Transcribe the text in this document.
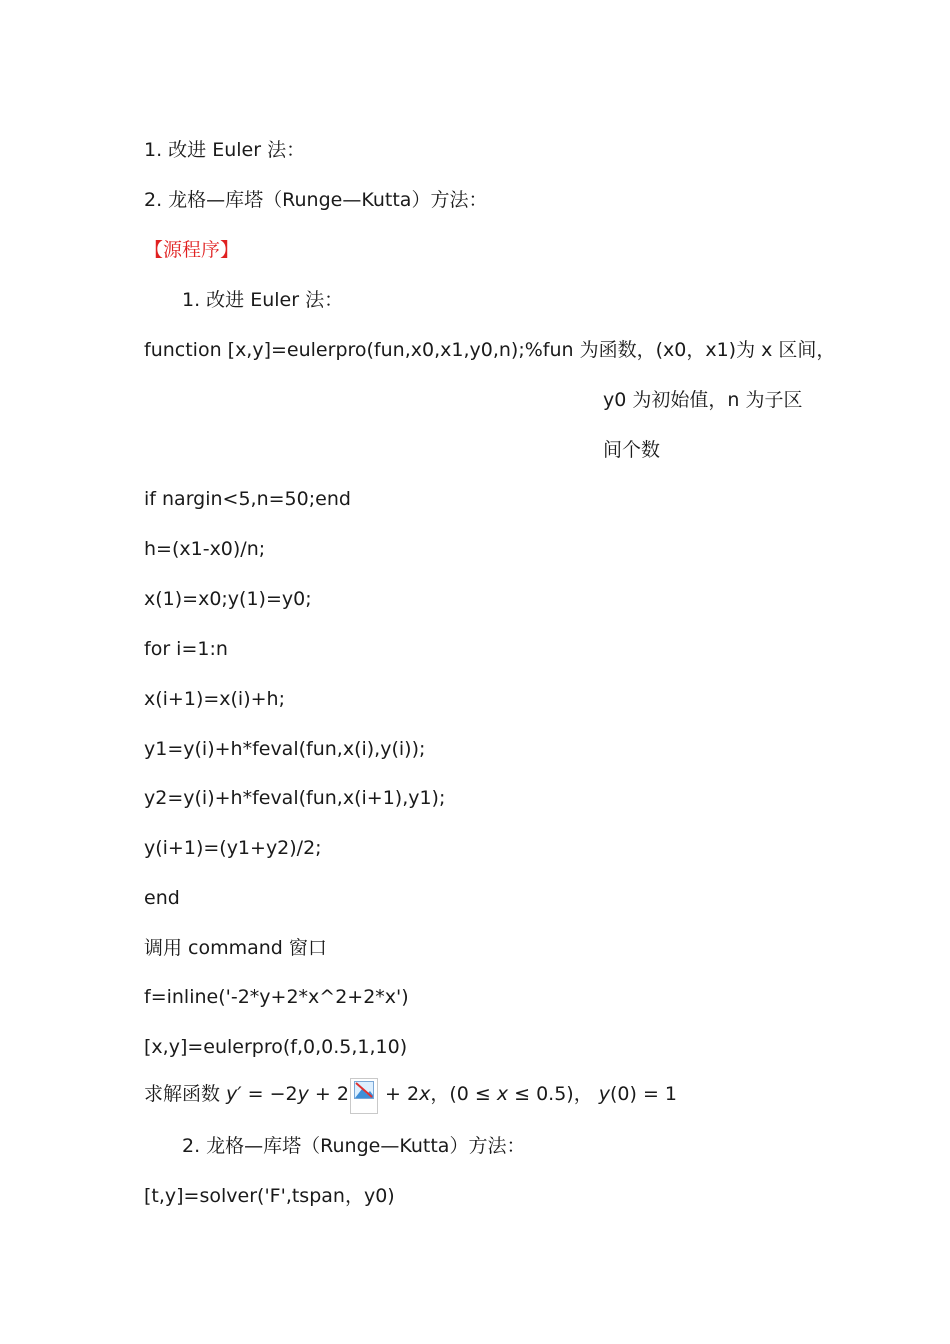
1. 改进 Euler 法：
2. 龙格—库塔（Runge—Kutta）方法：
【源程序】
1. 改进 Euler 法：
function [x,y]=eulerpro(fun,x0,x1,y0,n);%fun 为函数，(x0，x1)为 x 区间，
y0 为初始值，n 为子区
间个数
if nargin<5,n=50;end
h=(x1-x0)/n;
x(1)=x0;y(1)=y0;
for i=1:n
x(i+1)=x(i)+h;
y1=y(i)+h*feval(fun,x(i),y(i));
y2=y(i)+h*feval(fun,x(i+1),y1);
y(i+1)=(y1+y2)/2;
end
调用 command 窗口
f=inline('-2*y+2*x^2+2*x')
[x,y]=eulerpro(f,0,0.5,1,10)
求解函数 y′ = −2y + 2
+ 2x，(0 ≤ x ≤ 0.5)， y(0) = 1
2. 龙格—库塔（Runge—Kutta）方法：
[t,y]=solver('F',tspan，y0)
